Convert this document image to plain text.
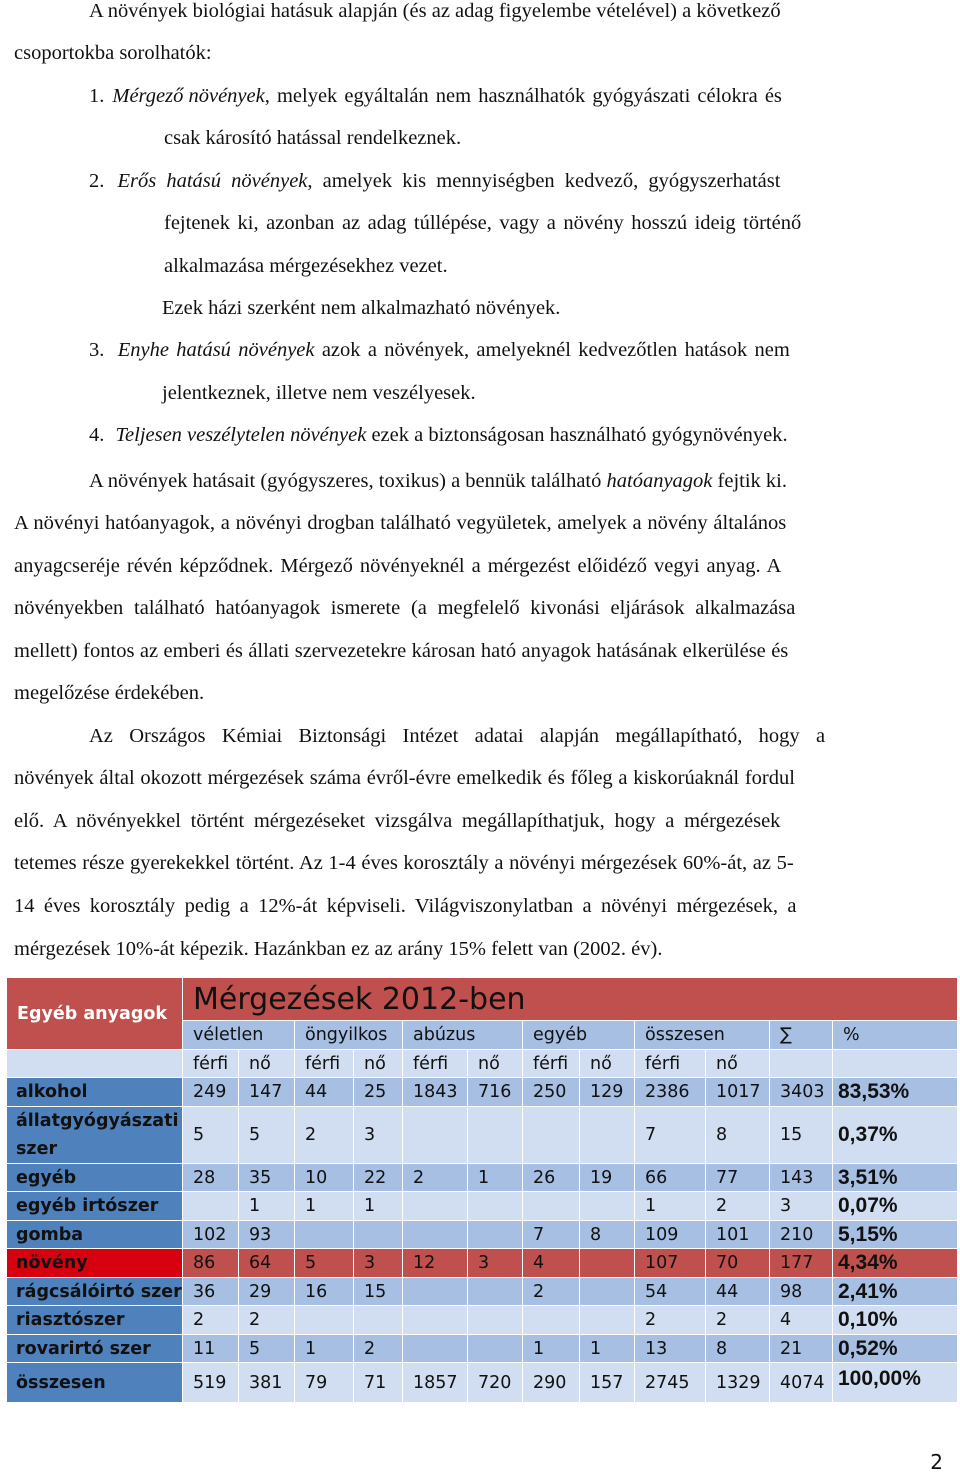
A növények biológiai hatásuk alapján (és az adag figyelembe vételével) a következő
csoportokba sorolhatók:
1. Mérgező növények , melyek egyáltalán nem használhatók gyógyászati célokra és
csak károsító hatással rendelkeznek.
2. Erős hatású növények, amelyek kis mennyiségben kedvező, gyógyszerhatást
fejtenek ki, azonban az adag túllépése, vagy a növény hosszú ideig történő
alkalmazása mérgezésekhez vezet.
Ezek házi szerként nem alkalmazható növények.
3. Enyhe hatású növények azok a növények, amelyeknél kedvezőtlen hatások nem
jelentkeznek, illetve nem veszélyesek.
4. Teljesen veszélytelen növények ezek a biztonságosan használható gyógynövények.
A növények hatásait (gyógyszeres, toxikus) a bennük található hatóanyagok fejtik ki.
A növényi hatóanyagok, a növényi drogban található vegyületek, amelyek a növény általános
anyagcseréje révén képződnek. Mérgező növényeknél a mérgezést előidéző vegyi anyag. A
növényekben található hatóanyagok ismerete (a megfelelő kivonási eljárások alkalmazása
mellett) fontos az emberi és állati szervezetekre károsan ható anyagok hatásának elkerülése és
megelőzése érdekében.
Az Országos Kémiai Biztonsági Intézet adatai alapján megállapítható, hogy a
növények által okozott mérgezések száma évről-évre emelkedik és főleg a kiskorúaknál fordul
elő. A növényekkel történt mérgezéseket vizsgálva megállapíthatjuk, hogy a mérgezések
tetemes része gyerekekkel történt. Az 1-4 éves korosztály a növényi mérgezések 60%-át, az 5-
14 éves korosztály pedig a 12%-át képviseli. Világviszonylatban a növényi mérgezések, a
mérgezések 10%-át képezik. Hazánkban ez az arány 15% felett van (2002. év).
Egyéb anyagok	Mérgezések 2012-ben											
	véletlen		öngyilkos		abúzus		egyéb		összesen		∑	%
	férfi	nő	férfi	nő	férfi	nő	férfi	nő	férfi	nő		
alkohol	249	147	44	25	1843	716	250	129	2386	1017	3403	83,53%
állatgyógyászati szer	5	5	2	3					7	8	15	0,37%
egyéb	28	35	10	22	2	1	26	19	66	77	143	3,51%
egyéb irtószer		1	1	1					1	2	3	0,07%
gomba	102	93					7	8	109	101	210	5,15%
növény	86	64	5	3	12	3	4		107	70	177	4,34%
rágcsálóirtó szer	36	29	16	15			2		54	44	98	2,41%
riasztószer	2	2							2	2	4	0,10%
rovarirtó szer	11	5	1	2			1	1	13	8	21	0,52%
összesen	519	381	79	71	1857	720	290	157	2745	1329	4074	100,00%
2
